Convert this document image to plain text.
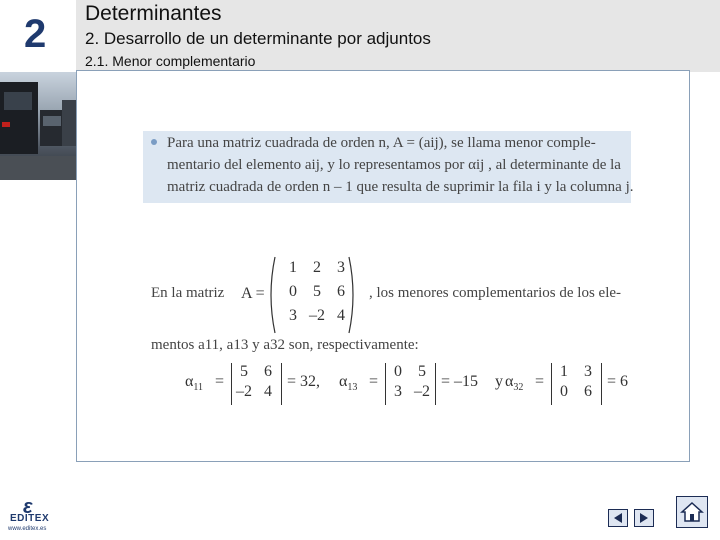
2 Determinantes
2. Desarrollo de un determinante por adjuntos
2.1. Menor complementario
Para una matriz cuadrada de orden n, A = (aij), se llama menor comple-
mentario del elemento aij, y lo representamos por αij , al determinante de la
matriz cuadrada de orden n – 1 que resulta de suprimir la fila i y la columna j.
En la matriz A =	, los menores complementarios de los ele-
1	2	3
0	5	6
3 –2 4
mentos a11, a13 y a32 son, respectivamente:
$\alpha_{11}$ =
5	6
–2 4
= 32, $\alpha_{13}$ =
0	5
3 –2
= –15 y $\alpha_{32}$ =
1	3
0	6
= 6
ε
EDITEX
www.editex.es
